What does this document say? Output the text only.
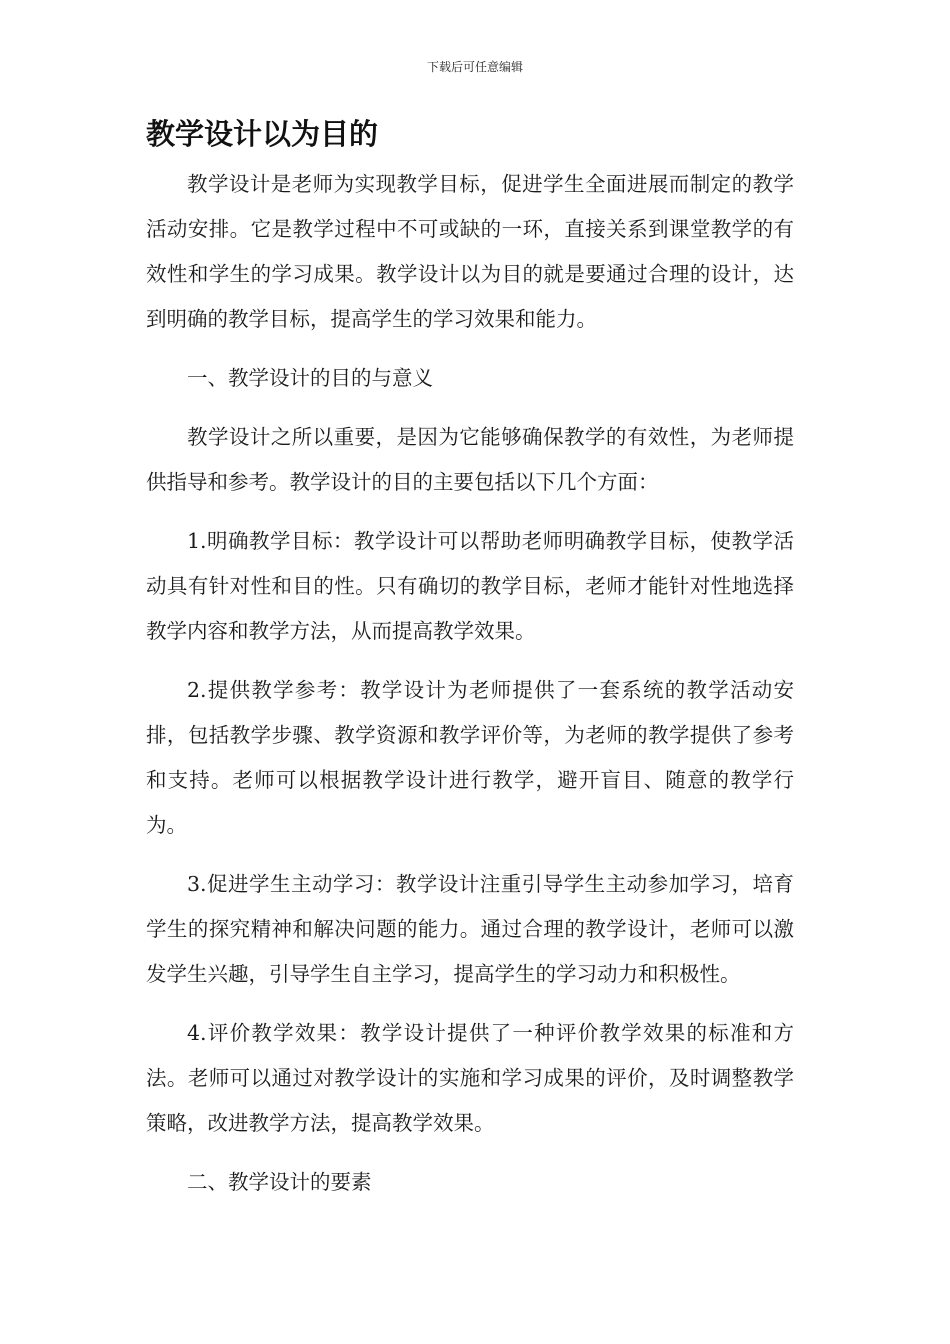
下载后可任意编辑
教学设计以为目的

教学设计是老师为实现教学目标，促进学生全面进展而制定的教学活动安排。它是教学过程中不可或缺的一环，直接关系到课堂教学的有效性和学生的学习成果。教学设计以为目的就是要通过合理的设计，达到明确的教学目标，提高学生的学习效果和能力。

一、教学设计的目的与意义

教学设计之所以重要，是因为它能够确保教学的有效性，为老师提供指导和参考。教学设计的目的主要包括以下几个方面：

1.明确教学目标：教学设计可以帮助老师明确教学目标，使教学活动具有针对性和目的性。只有确切的教学目标，老师才能针对性地选择教学内容和教学方法，从而提高教学效果。

2.提供教学参考：教学设计为老师提供了一套系统的教学活动安排，包括教学步骤、教学资源和教学评价等，为老师的教学提供了参考和支持。老师可以根据教学设计进行教学，避开盲目、随意的教学行为。

3.促进学生主动学习：教学设计注重引导学生主动参加学习，培育学生的探究精神和解决问题的能力。通过合理的教学设计，老师可以激发学生兴趣，引导学生自主学习，提高学生的学习动力和积极性。

4.评价教学效果：教学设计提供了一种评价教学效果的标准和方法。老师可以通过对教学设计的实施和学习成果的评价，及时调整教学策略，改进教学方法，提高教学效果。

二、教学设计的要素
